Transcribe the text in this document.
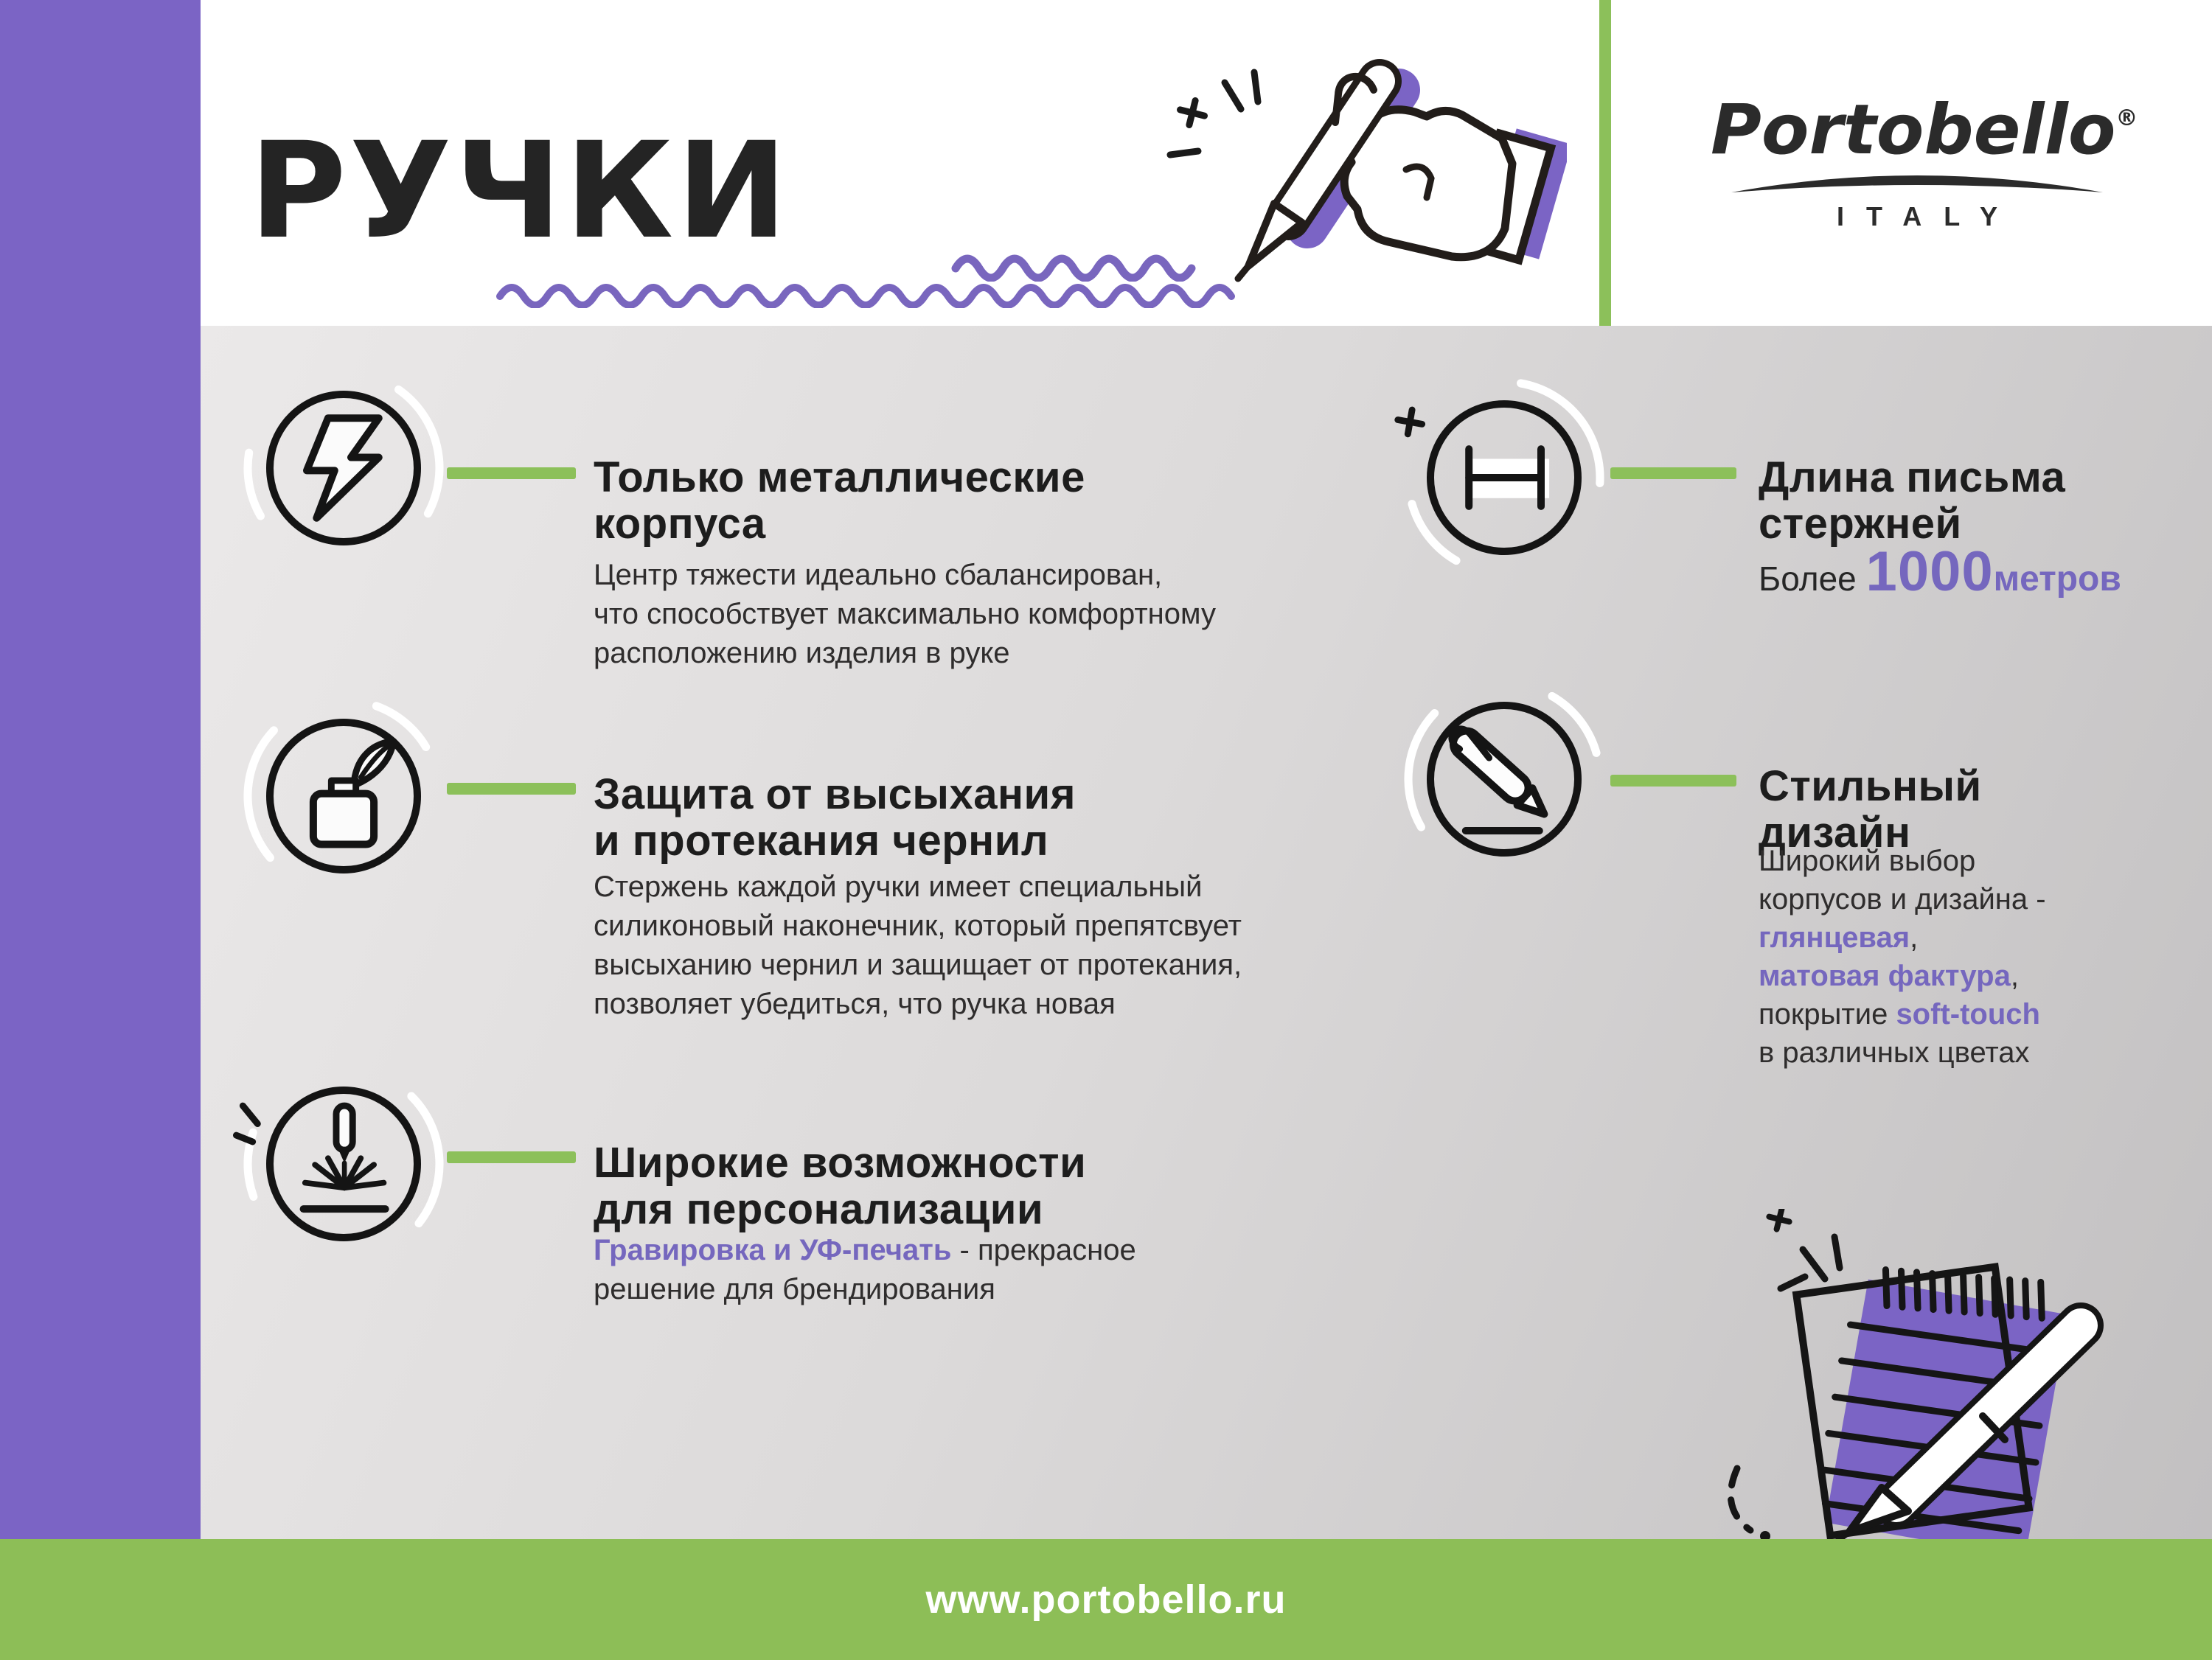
РУЧКИ	Portobello®
ITALY
Только металлические
корпуса
Центр тяжести идеально сбалансирован,
что способствует максимально комфортному
расположению изделия в руке
Защита от высыхания
и протекания чернил
Стержень каждой ручки имеет специальный
силиконовый наконечник, который препятсвует
высыханию чернил и защищает от протекания,
позволяет убедиться, что ручка новая
Широкие возможности
для персонализации
Гравировка и УФ-печать - прекрасное
решение для брендирования
Длина письма
стержней
Более 1000метров
Стильный
дизайн
Широкий выбор
корпусов и дизайна -
глянцевая,
матовая фактура,
покрытие soft-touch
в различных цветах
www.portobello.ru
